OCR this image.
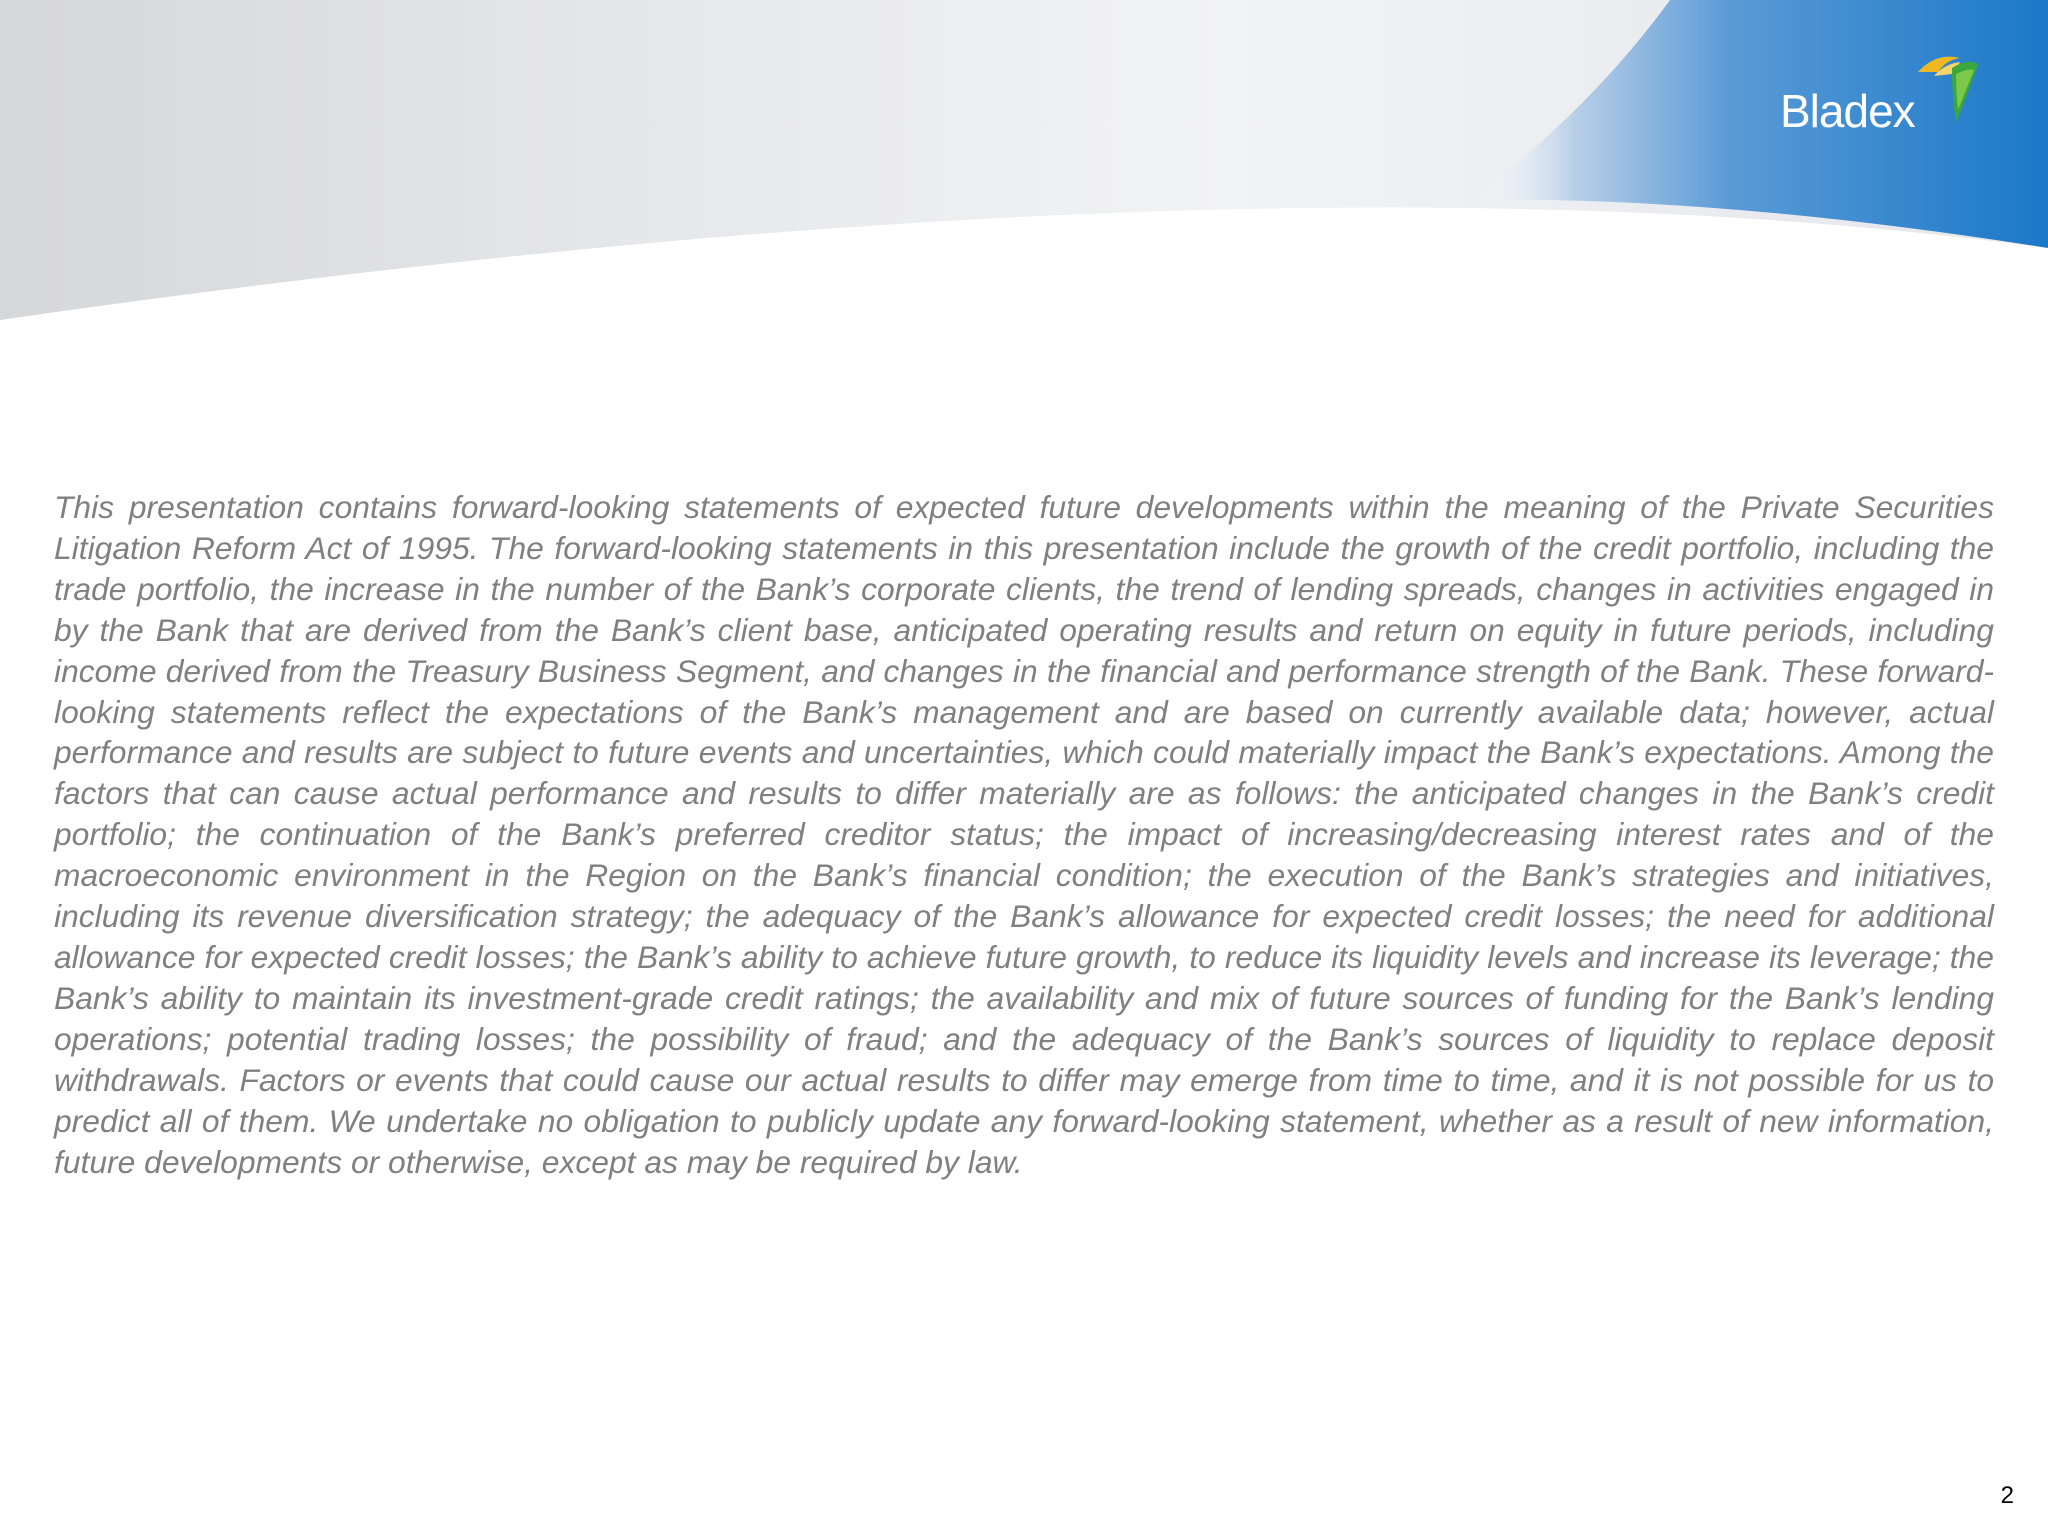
Bladex

This presentation contains forward-looking statements of expected future developments within the meaning of the Private Securities Litigation Reform Act of 1995. The forward-looking statements in this presentation include the growth of the credit portfolio, including the trade portfolio, the increase in the number of the Bank’s corporate clients, the trend of lending spreads, changes in activities engaged in by the Bank that are derived from the Bank’s client base, anticipated operating results and return on equity in future periods, including income derived from the Treasury Business Segment, and changes in the financial and performance strength of the Bank. These forward-looking statements reflect the expectations of the Bank’s management and are based on currently available data; however, actual performance and results are subject to future events and uncertainties, which could materially impact the Bank’s expectations. Among the factors that can cause actual performance and results to differ materially are as follows: the anticipated changes in the Bank’s credit portfolio; the continuation of the Bank’s preferred creditor status; the impact of increasing/decreasing interest rates and of the macroeconomic environment in the Region on the Bank’s financial condition; the execution of the Bank’s strategies and initiatives, including its revenue diversification strategy; the adequacy of the Bank’s allowance for expected credit losses; the need for additional allowance for expected credit losses; the Bank’s ability to achieve future growth, to reduce its liquidity levels and increase its leverage; the Bank’s ability to maintain its investment-grade credit ratings; the availability and mix of future sources of funding for the Bank’s lending operations; potential trading losses; the possibility of fraud; and the adequacy of the Bank’s sources of liquidity to replace deposit withdrawals. Factors or events that could cause our actual results to differ may emerge from time to time, and it is not possible for us to predict all of them. We undertake no obligation to publicly update any forward-looking statement, whether as a result of new information, future developments or otherwise, except as may be required by law.

2
